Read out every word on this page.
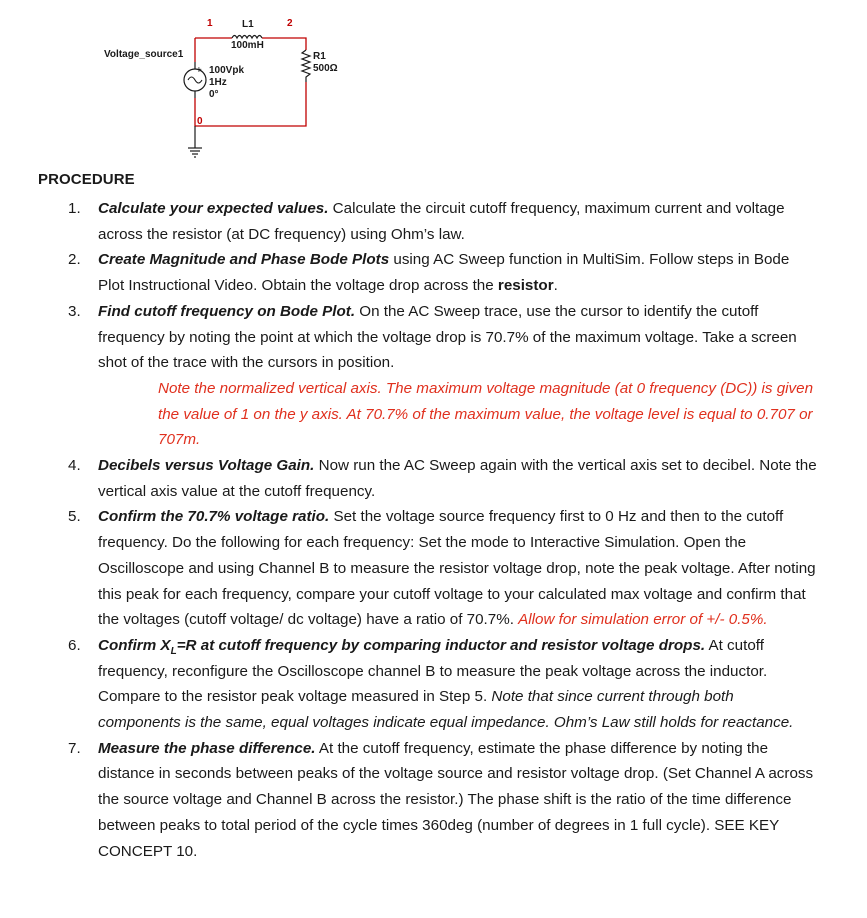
+
1	2
0
L1
100mH
Voltage_source1
100Vpk
1Hz
0°
R1
500Ω
PROCEDURE
1. Calculate your expected values. Calculate the circuit cutoff frequency, maximum current and voltage across the resistor (at DC frequency) using Ohm’s law.
2. Create Magnitude and Phase Bode Plots using AC Sweep function in MultiSim. Follow steps in Bode Plot Instructional Video. Obtain the voltage drop across the resistor.
3. Find cutoff frequency on Bode Plot. On the AC Sweep trace, use the cursor to identify the cutoff frequency by noting the point at which the voltage drop is 70.7% of the maximum voltage. Take a screen shot of the trace with the cursors in position.
Note the normalized vertical axis. The maximum voltage magnitude (at 0 frequency (DC)) is given the value of 1 on the y axis. At 70.7% of the maximum value, the voltage level is equal to 0.707 or 707m.
4. Decibels versus Voltage Gain. Now run the AC Sweep again with the vertical axis set to decibel. Note the vertical axis value at the cutoff frequency.
5. Confirm the 70.7% voltage ratio. Set the voltage source frequency first to 0 Hz and then to the cutoff frequency. Do the following for each frequency: Set the mode to Interactive Simulation. Open the Oscilloscope and using Channel B to measure the resistor voltage drop, note the peak voltage. After noting this peak for each frequency, compare your cutoff voltage to your calculated max voltage and confirm that the voltages (cutoff voltage/ dc voltage) have a ratio of 70.7%. Allow for simulation error of +/- 0.5%.
6. Confirm $X_L=R$ at cutoff frequency by comparing inductor and resistor voltage drops. At cutoff frequency, reconfigure the Oscilloscope channel B to measure the peak voltage across the inductor. Compare to the resistor peak voltage measured in Step 5. Note that since current through both components is the same, equal voltages indicate equal impedance. Ohm’s Law still holds for reactance.
7. Measure the phase difference. At the cutoff frequency, estimate the phase difference by noting the distance in seconds between peaks of the voltage source and resistor voltage drop. (Set Channel A across the source voltage and Channel B across the resistor.) The phase shift is the ratio of the time difference between peaks to total period of the cycle times 360deg (number of degrees in 1 full cycle). SEE KEY CONCEPT 10.
